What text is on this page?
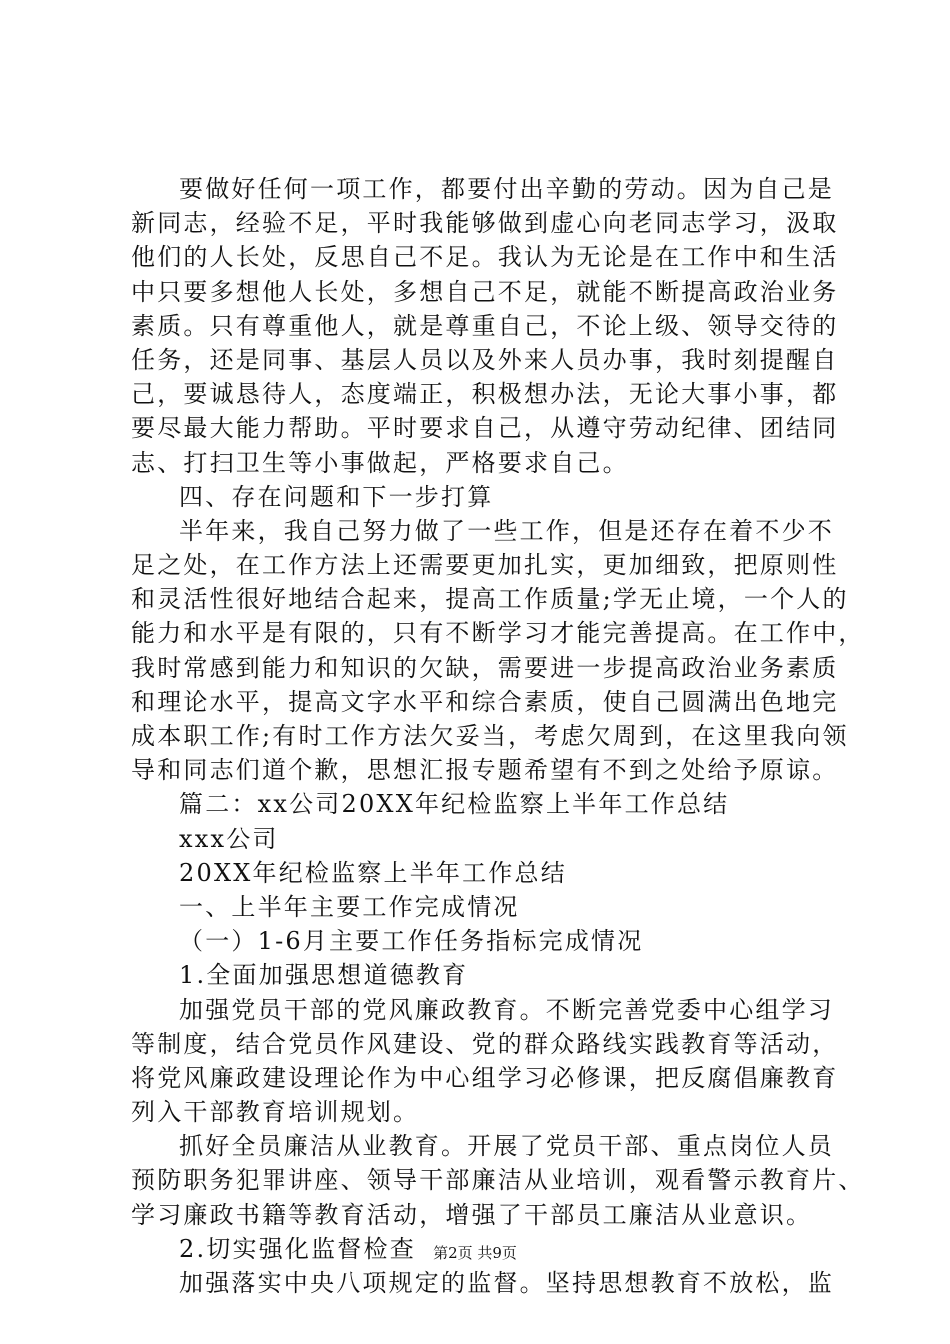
要做好任何一项工作，都要付出辛勤的劳动。因为自己是
新同志，经验不足，平时我能够做到虚心向老同志学习，汲取
他们的人长处，反思自己不足。我认为无论是在工作中和生活
中只要多想他人长处，多想自己不足，就能不断提高政治业务
素质。只有尊重他人，就是尊重自己，不论上级、领导交待的
任务，还是同事、基层人员以及外来人员办事，我时刻提醒自
己，要诚恳待人，态度端正，积极想办法，无论大事小事，都
要尽最大能力帮助。平时要求自己，从遵守劳动纪律、团结同
志、打扫卫生等小事做起，严格要求自己。
四、存在问题和下一步打算
半年来，我自己努力做了一些工作，但是还存在着不少不
足之处，在工作方法上还需要更加扎实，更加细致，把原则性
和灵活性很好地结合起来，提高工作质量;学无止境，一个人的
能力和水平是有限的，只有不断学习才能完善提高。在工作中，
我时常感到能力和知识的欠缺，需要进一步提高政治业务素质
和理论水平，提高文字水平和综合素质，使自己圆满出色地完
成本职工作;有时工作方法欠妥当，考虑欠周到，在这里我向领
导和同志们道个歉，思想汇报专题希望有不到之处给予原谅。
篇二：xx公司20XX年纪检监察上半年工作总结
xxx公司
20XX年纪检监察上半年工作总结
一、上半年主要工作完成情况
（一）1-6月主要工作任务指标完成情况
1.全面加强思想道德教育
加强党员干部的党风廉政教育。不断完善党委中心组学习
等制度，结合党员作风建设、党的群众路线实践教育等活动，
将党风廉政建设理论作为中心组学习必修课，把反腐倡廉教育
列入干部教育培训规划。
抓好全员廉洁从业教育。开展了党员干部、重点岗位人员
预防职务犯罪讲座、领导干部廉洁从业培训，观看警示教育片、
学习廉政书籍等教育活动，增强了干部员工廉洁从业意识。
2.切实强化监督检查
加强落实中央八项规定的监督。坚持思想教育不放松，监
第2页 共9页
